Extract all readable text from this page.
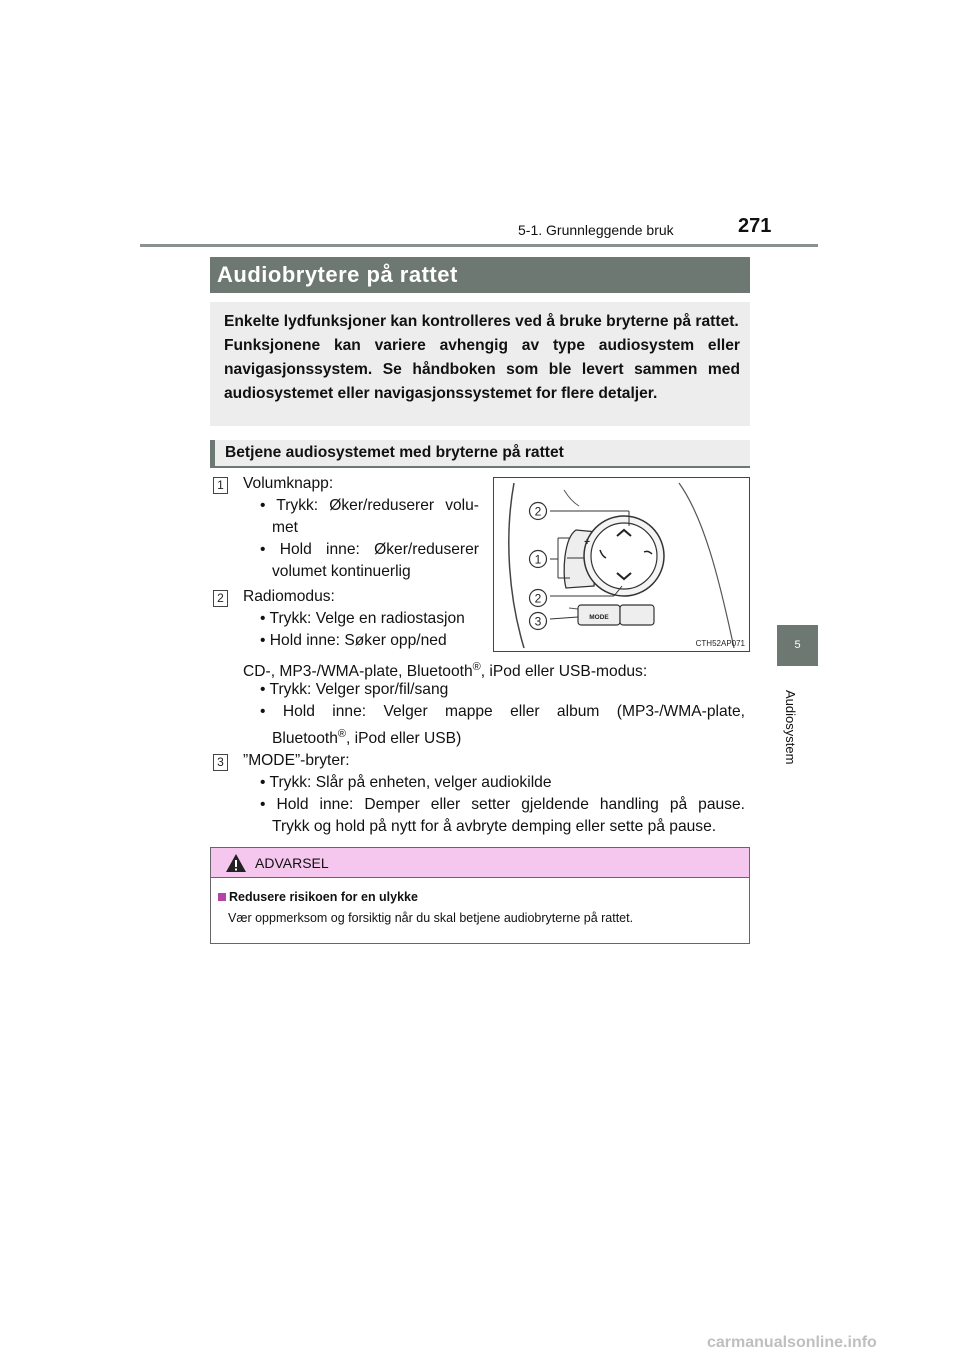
5-1. Grunnleggende bruk	271
5
Audiosystem
Audiobrytere på rattet

Enkelte lydfunksjoner kan kontrolleres ved å bruke bryterne på rattet.

Funksjonene kan variere avhengig av type audiosystem eller navigasjonssystem. Se håndboken som ble levert sammen med audiosystemet eller navigasjonssystemet for flere detaljer.

Betjene audiosystemet med bryterne på rattet
1 Volumknapp:
• Trykk: Øker/reduserer volu-
met
• Hold inne: Øker/reduserer
volumet kontinuerlig
2 Radiomodus:
• Trykk: Velge en radiostasjon
• Hold inne: Søker opp/ned
CD-, MP3-/WMA-plate, Bluetooth®, iPod eller USB-modus:
• Trykk: Velger spor/fil/sang
• Hold inne: Velger mappe eller album (MP3-/WMA-plate,
Bluetooth®, iPod eller USB)
3 ”MODE”-bryter:
• Trykk: Slår på enheten, velger audiokilde
• Hold inne: Demper eller setter gjeldende handling på pause.
Trykk og hold på nytt for å avbryte demping eller sette på pause.
MODE
+
2
1
2
3
CTH52AP071
ADVARSEL
Redusere risikoen for en ulykke
Vær oppmerksom og forsiktig når du skal betjene audiobryterne på rattet.
carmanualsonline.info
